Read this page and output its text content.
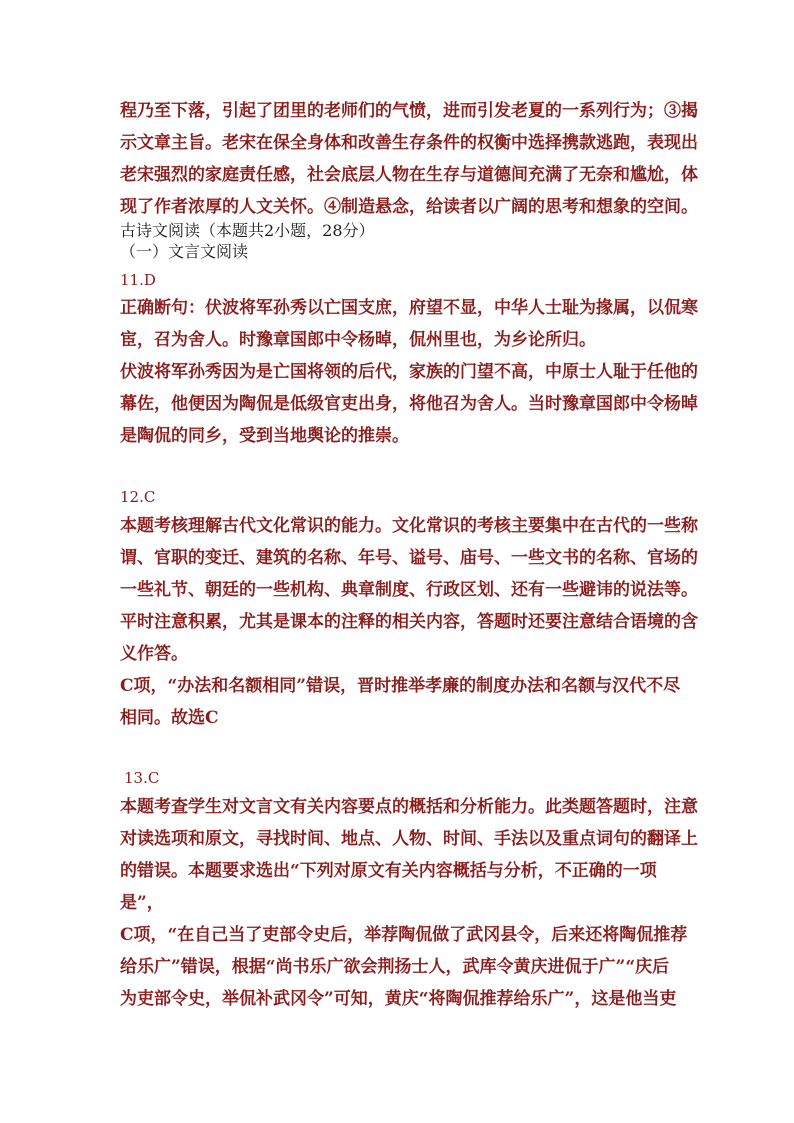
程乃至下落，引起了团里的老师们的气愤，进而引发老夏的一系列行为；③揭
示文章主旨。老宋在保全身体和改善生存条件的权衡中选择携款逃跑，表现出
老宋强烈的家庭责任感，社会底层人物在生存与道德间充满了无奈和尴尬，体
现了作者浓厚的人文关怀。④制造悬念，给读者以广阔的思考和想象的空间。
古诗文阅读（本题共2小题，28分）
（一）文言文阅读
11.D
正确断句：伏波将军孙秀以亡国支庶，府望不显，中华人士耻为掾属，以侃寒
宦，召为舍人。时豫章国郎中令杨晫，侃州里也，为乡论所归。
伏波将军孙秀因为是亡国将领的后代，家族的门望不高，中原士人耻于任他的
幕佐，他便因为陶侃是低级官吏出身，将他召为舍人。当时豫章国郎中令杨晫
是陶侃的同乡，受到当地舆论的推崇。
12.C
本题考核理解古代文化常识的能力。文化常识的考核主要集中在古代的一些称
谓、官职的变迁、建筑的名称、年号、谥号、庙号、一些文书的名称、官场的
一些礼节、朝廷的一些机构、典章制度、行政区划、还有一些避讳的说法等。
平时注意积累，尤其是课本的注释的相关内容，答题时还要注意结合语境的含
义作答。
C项，“办法和名额相同”错误，晋时推举孝廉的制度办法和名额与汉代不尽
相同。故选C
13.C
本题考查学生对文言文有关内容要点的概括和分析能力。此类题答题时，注意
对读选项和原文，寻找时间、地点、人物、时间、手法以及重点词句的翻译上
的错误。本题要求选出“下列对原文有关内容概括与分析，不正确的一项
是”，
C项，“在自己当了吏部令史后，举荐陶侃做了武冈县令，后来还将陶侃推荐
给乐广”错误，根据“尚书乐广欲会荆扬士人，武库令黄庆进侃于广”“庆后
为吏部令史，举侃补武冈令”可知，黄庆“将陶侃推荐给乐广”，这是他当吏
